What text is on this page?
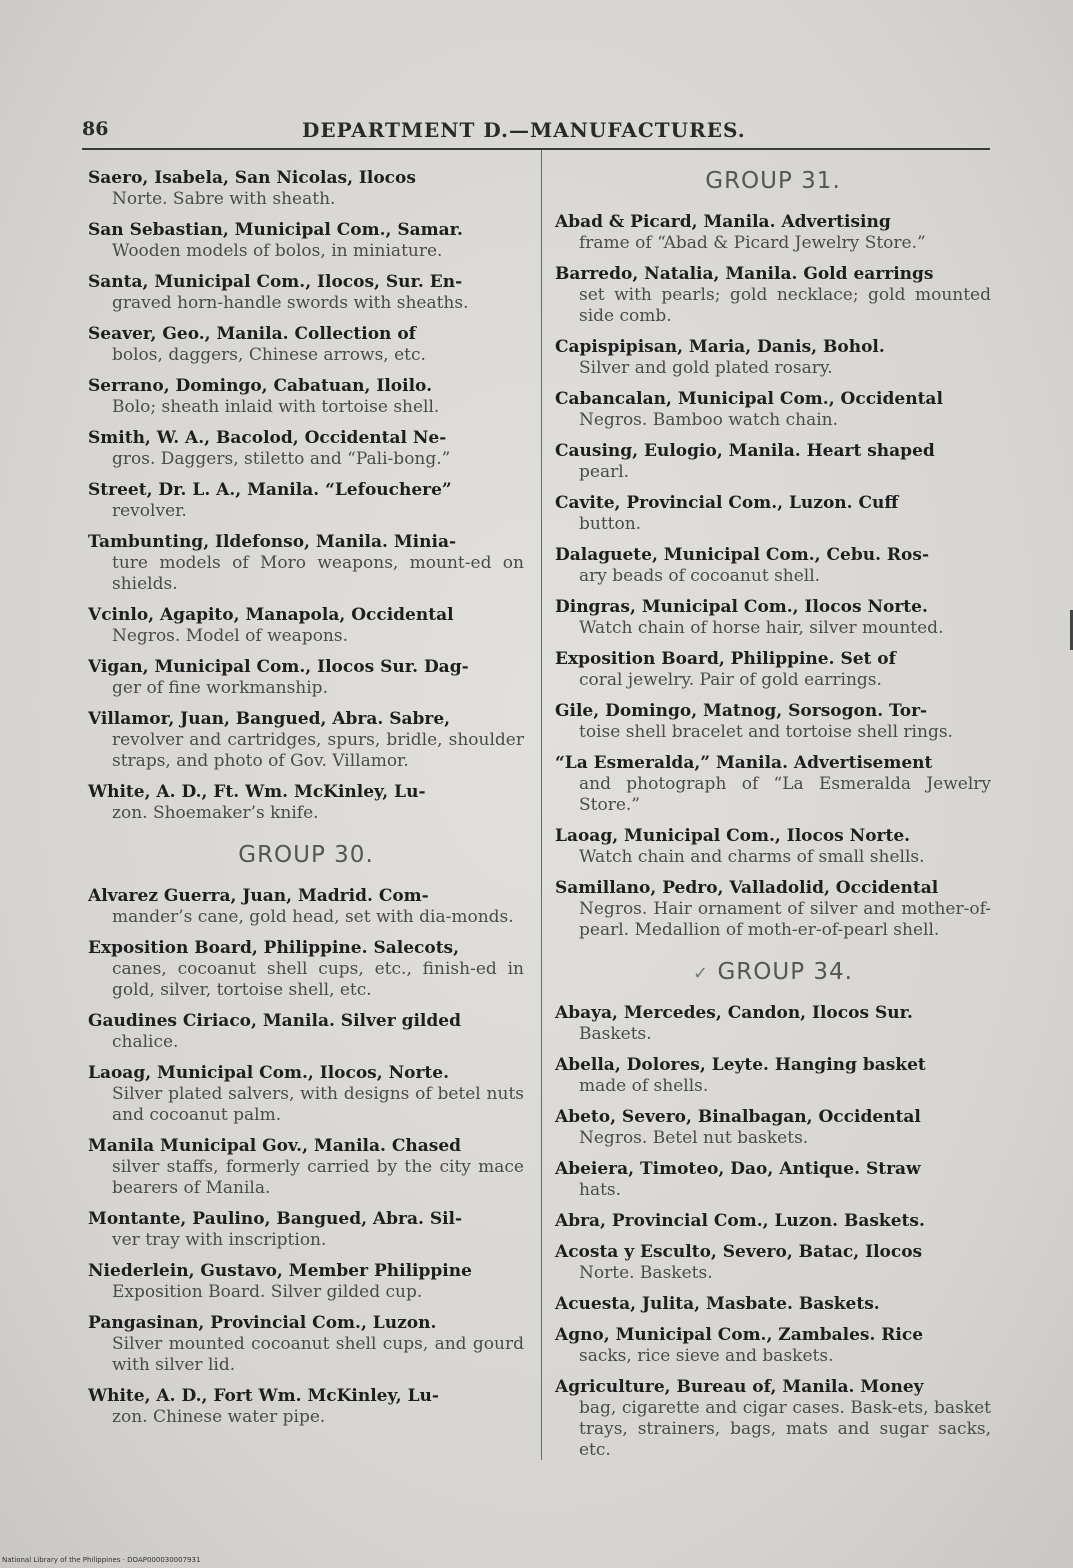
86	DEPARTMENT D.—MANUFACTURES.
Saero, Isabela, San Nicolas, Ilocos
Norte. Sabre with sheath.
San Sebastian, Municipal Com., Samar.
Wooden models of bolos, in miniature.
Santa, Municipal Com., Ilocos, Sur. En-
graved horn-handle swords with sheaths.
Seaver, Geo., Manila. Collection of
bolos, daggers, Chinese arrows, etc.
Serrano, Domingo, Cabatuan, Iloilo.
Bolo; sheath inlaid with tortoise shell.
Smith, W. A., Bacolod, Occidental Ne-
gros. Daggers, stiletto and “Pali-bong.”
Street, Dr. L. A., Manila. “Lefouchere”
revolver.
Tambunting, Ildefonso, Manila. Minia-
ture models of Moro weapons, mount-ed on shields.
Vcinlo, Agapito, Manapola, Occidental
Negros. Model of weapons.
Vigan, Municipal Com., Ilocos Sur. Dag-
ger of fine workmanship.
Villamor, Juan, Bangued, Abra. Sabre,
revolver and cartridges, spurs, bridle, shoulder straps, and photo of Gov. Villamor.
White, A. D., Ft. Wm. McKinley, Lu-
zon. Shoemaker’s knife.
GROUP 30.
Alvarez Guerra, Juan, Madrid. Com-
mander’s cane, gold head, set with dia-monds.
Exposition Board, Philippine. Salecots,
canes, cocoanut shell cups, etc., finish-ed in gold, silver, tortoise shell, etc.
Gaudines Ciriaco, Manila. Silver gilded
chalice.
Laoag, Municipal Com., Ilocos, Norte.
Silver plated salvers, with designs of betel nuts and cocoanut palm.
Manila Municipal Gov., Manila. Chased
silver staffs, formerly carried by the city mace bearers of Manila.
Montante, Paulino, Bangued, Abra. Sil-
ver tray with inscription.
Niederlein, Gustavo, Member Philippine
Exposition Board. Silver gilded cup.
Pangasinan, Provincial Com., Luzon.
Silver mounted cocoanut shell cups, and gourd with silver lid.
White, A. D., Fort Wm. McKinley, Lu-
zon. Chinese water pipe.
GROUP 31.
Abad & Picard, Manila. Advertising
frame of “Abad & Picard Jewelry Store.”
Barredo, Natalia, Manila. Gold earrings
set with pearls; gold necklace; gold mounted side comb.
Capispipisan, Maria, Danis, Bohol.
Silver and gold plated rosary.
Cabancalan, Municipal Com., Occidental
Negros. Bamboo watch chain.
Causing, Eulogio, Manila. Heart shaped
pearl.
Cavite, Provincial Com., Luzon. Cuff
button.
Dalaguete, Municipal Com., Cebu. Ros-
ary beads of cocoanut shell.
Dingras, Municipal Com., Ilocos Norte.
Watch chain of horse hair, silver mounted.
Exposition Board, Philippine. Set of
coral jewelry. Pair of gold earrings.
Gile, Domingo, Matnog, Sorsogon. Tor-
toise shell bracelet and tortoise shell rings.
“La Esmeralda,” Manila. Advertisement
and photograph of “La Esmeralda Jewelry Store.”
Laoag, Municipal Com., Ilocos Norte.
Watch chain and charms of small shells.
Samillano, Pedro, Valladolid, Occidental
Negros. Hair ornament of silver and mother-of-pearl. Medallion of moth-er-of-pearl shell.
✓ GROUP 34.
Abaya, Mercedes, Candon, Ilocos Sur.
Baskets.
Abella, Dolores, Leyte. Hanging basket
made of shells.
Abeto, Severo, Binalbagan, Occidental
Negros. Betel nut baskets.
Abeiera, Timoteo, Dao, Antique. Straw
hats.
Abra, Provincial Com., Luzon. Baskets.
Acosta y Esculto, Severo, Batac, Ilocos
Norte. Baskets.
Acuesta, Julita, Masbate. Baskets.
Agno, Municipal Com., Zambales. Rice
sacks, rice sieve and baskets.
Agriculture, Bureau of, Manila. Money
bag, cigarette and cigar cases. Bask-ets, basket trays, strainers, bags, mats and sugar sacks, etc.
National Library of the Philippines · DOAP000030007931
